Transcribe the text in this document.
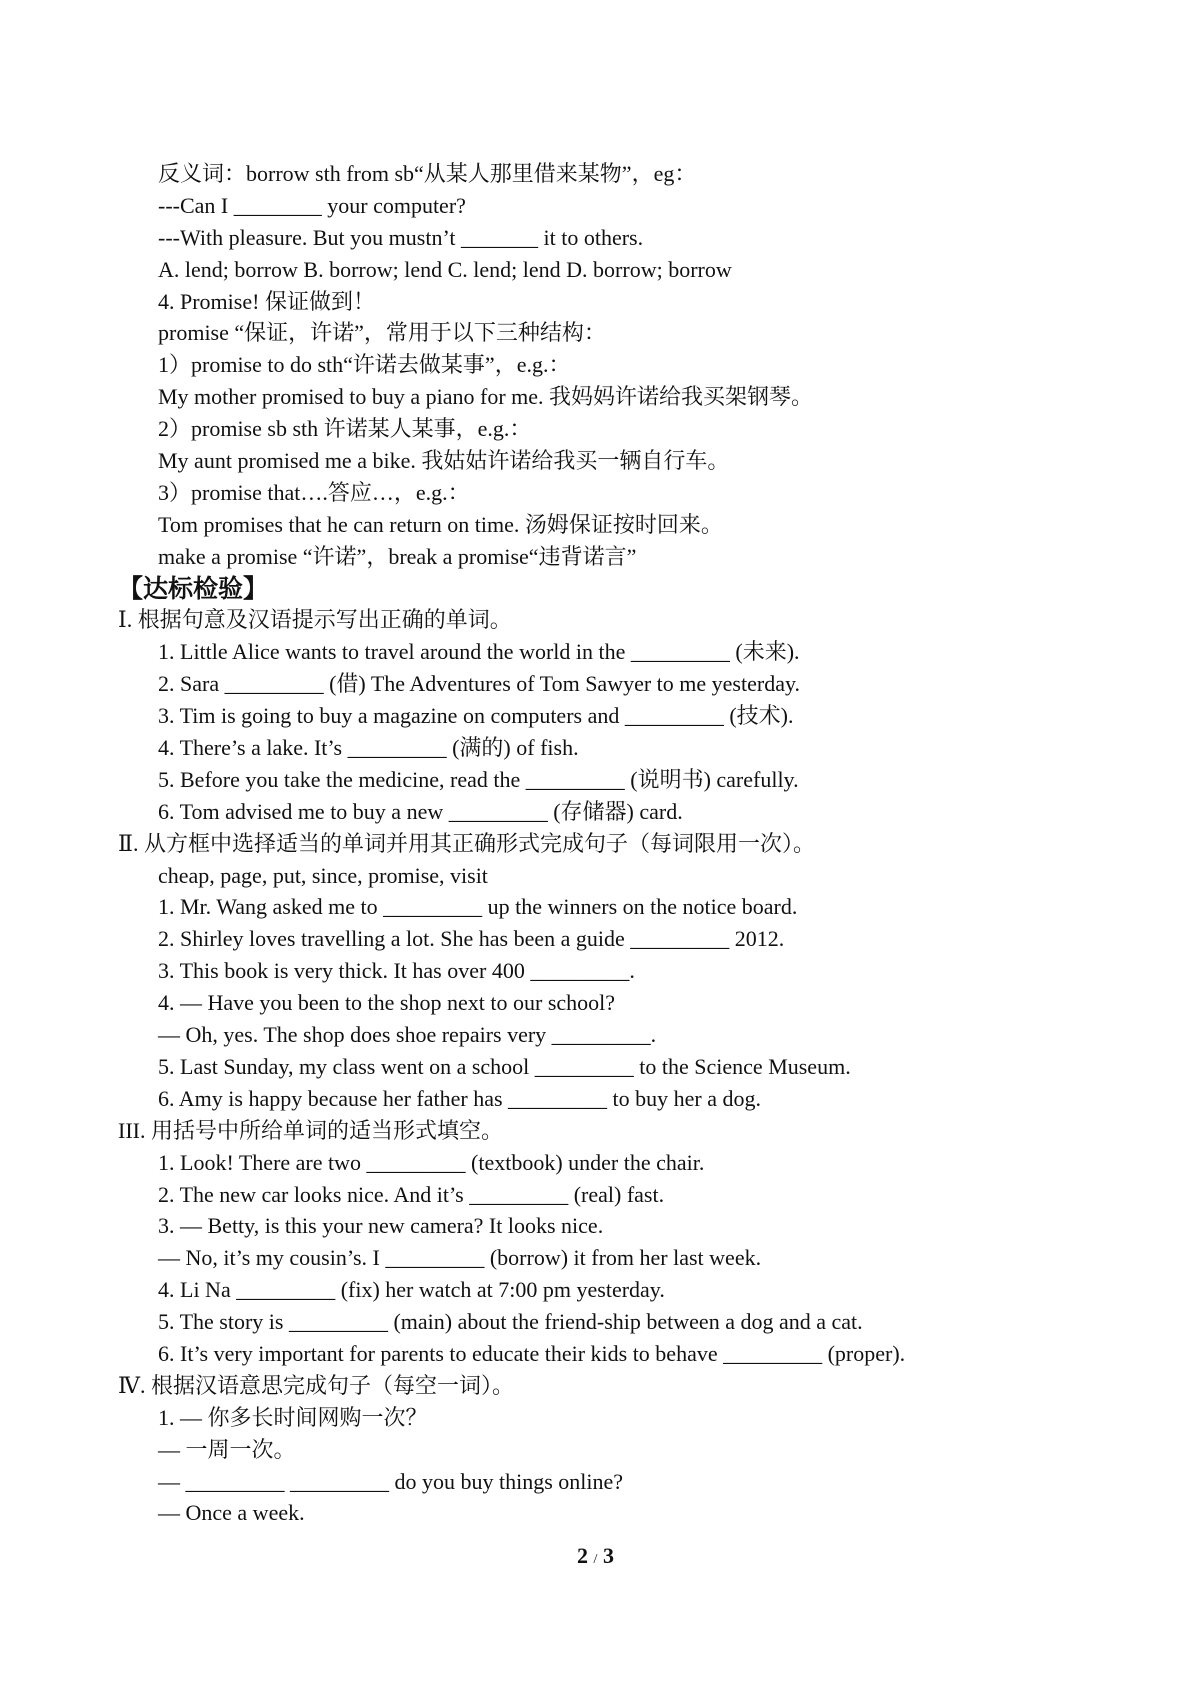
反义词：borrow sth from sb“从某人那里借来某物”，eg：
---Can I ________ your computer?
---With pleasure. But you mustn’t _______ it to others.
A. lend; borrow B. borrow; lend C. lend; lend D. borrow; borrow
4. Promise! 保证做到！
promise “保证，许诺”，常用于以下三种结构：
1）promise to do sth“许诺去做某事”，e.g.：
My mother promised to buy a piano for me. 我妈妈许诺给我买架钢琴。
2）promise sb sth 许诺某人某事，e.g.：
My aunt promised me a bike. 我姑姑许诺给我买一辆自行车。
3）promise that….答应…，e.g.：
Tom promises that he can return on time. 汤姆保证按时回来。
make a promise “许诺”，break a promise“违背诺言”
【达标检验】
Ⅰ. 根据句意及汉语提示写出正确的单词。
1. Little Alice wants to travel around the world in the _________ (未来).
2. Sara _________ (借) The Adventures of Tom Sawyer to me yesterday.
3. Tim is going to buy a magazine on computers and _________ (技术).
4. There’s a lake. It’s _________ (满的) of fish.
5. Before you take the medicine, read the _________ (说明书) carefully.
6. Tom advised me to buy a new _________ (存储器) card.
Ⅱ. 从方框中选择适当的单词并用其正确形式完成句子（每词限用一次）。
cheap, page, put, since, promise, visit
1. Mr. Wang asked me to _________ up the winners on the notice board.
2. Shirley loves travelling a lot. She has been a guide _________ 2012.
3. This book is very thick. It has over 400 _________.
4. — Have you been to the shop next to our school?
— Oh, yes. The shop does shoe repairs very _________.
5. Last Sunday, my class went on a school _________ to the Science Museum.
6. Amy is happy because her father has _________ to buy her a dog.
III. 用括号中所给单词的适当形式填空。
1. Look! There are two _________ (textbook) under the chair.
2. The new car looks nice. And it’s _________ (real) fast.
3. — Betty, is this your new camera? It looks nice.
— No, it’s my cousin’s. I _________ (borrow) it from her last week.
4. Li Na _________ (fix) her watch at 7:00 pm yesterday.
5. The story is _________ (main) about the friend-ship between a dog and a cat.
6. It’s very important for parents to educate their kids to behave _________ (proper).
Ⅳ. 根据汉语意思完成句子（每空一词）。
1. — 你多长时间网购一次？
— 一周一次。
— _________ _________ do you buy things online?
— Once a week.
2 / 3
